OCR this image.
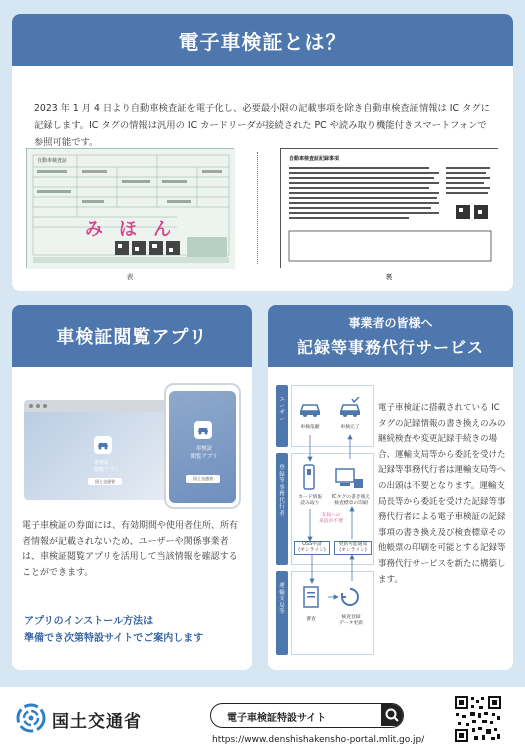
電子車検証とは？
2023 年 1 月 4 日より自動車検査証を電子化し、必要最小限の記載事項を除き自動車検査証情報は IC タグに記録します。IC タグの情報は汎用の IC カードリーダが接続された PC や読み取り機能付きスマートフォンで参照可能です。
自動車検査証
みほん
表
自動車検査証記録事項
裏
車検証閲覧アプリ
車検証
閲覧アプリ
国土交通省
車検証
閲覧アプリ
国土交通省
電子車検証の券面には、有効期間や使用者住所、所有者情報が記載されないため、ユーザーや関係事業者は、車検証閲覧アプリを活用して当該情報を確認することができます。
アプリのインストール方法は
準備でき次第特設サイトでご案内します
事業者の皆様へ
記録等事務代行サービス
ユーザー
登録等事務代行者
運輸支局等
車検依頼	車検完了
カード情報
読み取り
ICタグの書き換え
検査標章の印刷
支局への
来訪が不要
OSS申請
(オンライン)
更新可能通知
(オンライン)
審査	検査登録
データ更新
電子車検証に搭載されている IC タグの記録情報の書き換えのみの継続検査や変更記録手続きの場合、運輸支局等から委託を受けた記録等事務代行者は運輸支局等への出頭は不要となります。運輸支局長等から委託を受けた記録等事務代行者による電子車検証の記録事項の書き換え及び検査標章その他帳票の印刷を可能とする記録等事務代行サービスを新たに構築します。
国土交通省	電子車検証特設サイト
https://www.denshishakensho-portal.mlit.go.jp/
